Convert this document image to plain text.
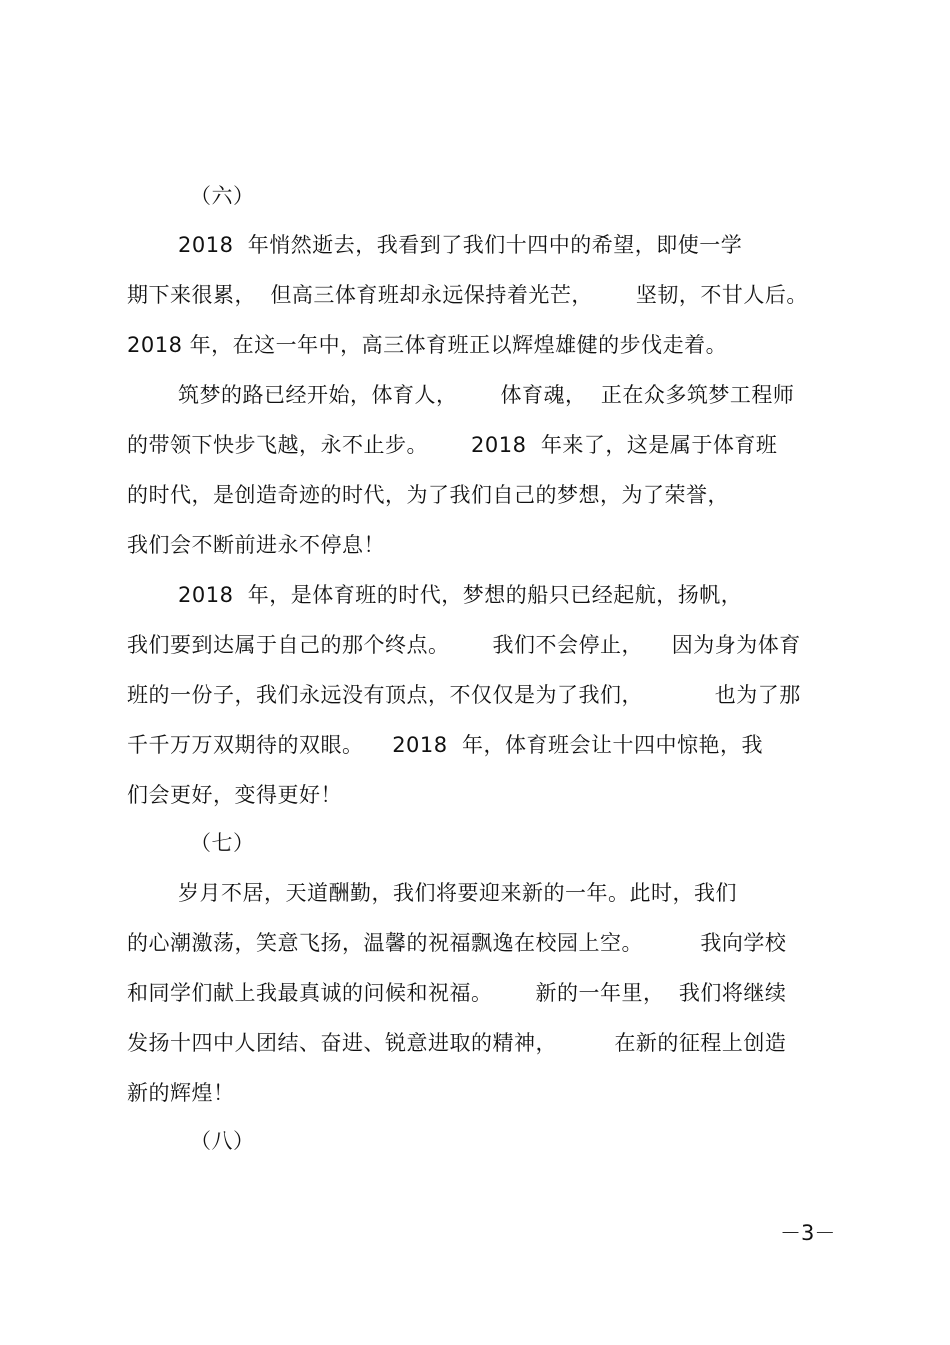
（六）
2018  年悄然逝去，我看到了我们十四中的希望，即使一学
期下来很累，  但高三体育班却永远保持着光芒，      坚韧，不甘人后。
2018 年，在这一年中，高三体育班正以辉煌雄健的步伐走着。
筑梦的路已经开始，体育人，      体育魂，  正在众多筑梦工程师
的带领下快步飞越，永不止步。      2018  年来了，这是属于体育班
的时代，是创造奇迹的时代，为了我们自己的梦想，为了荣誉，
我们会不断前进永不停息！
2018  年，是体育班的时代，梦想的船只已经起航，扬帆，
我们要到达属于自己的那个终点。      我们不会停止，    因为身为体育
班的一份子，我们永远没有顶点，不仅仅是为了我们，          也为了那
千千万万双期待的双眼。    2018  年，体育班会让十四中惊艳，我
们会更好，变得更好！
（七）
岁月不居，天道酬勤，我们将要迎来新的一年。此时，我们
的心潮激荡，笑意飞扬，温馨的祝福飘逸在校园上空。        我向学校
和同学们献上我最真诚的问候和祝福。      新的一年里，  我们将继续
发扬十四中人团结、奋进、锐意进取的精神，        在新的征程上创造
新的辉煌！
（八）
－3－
